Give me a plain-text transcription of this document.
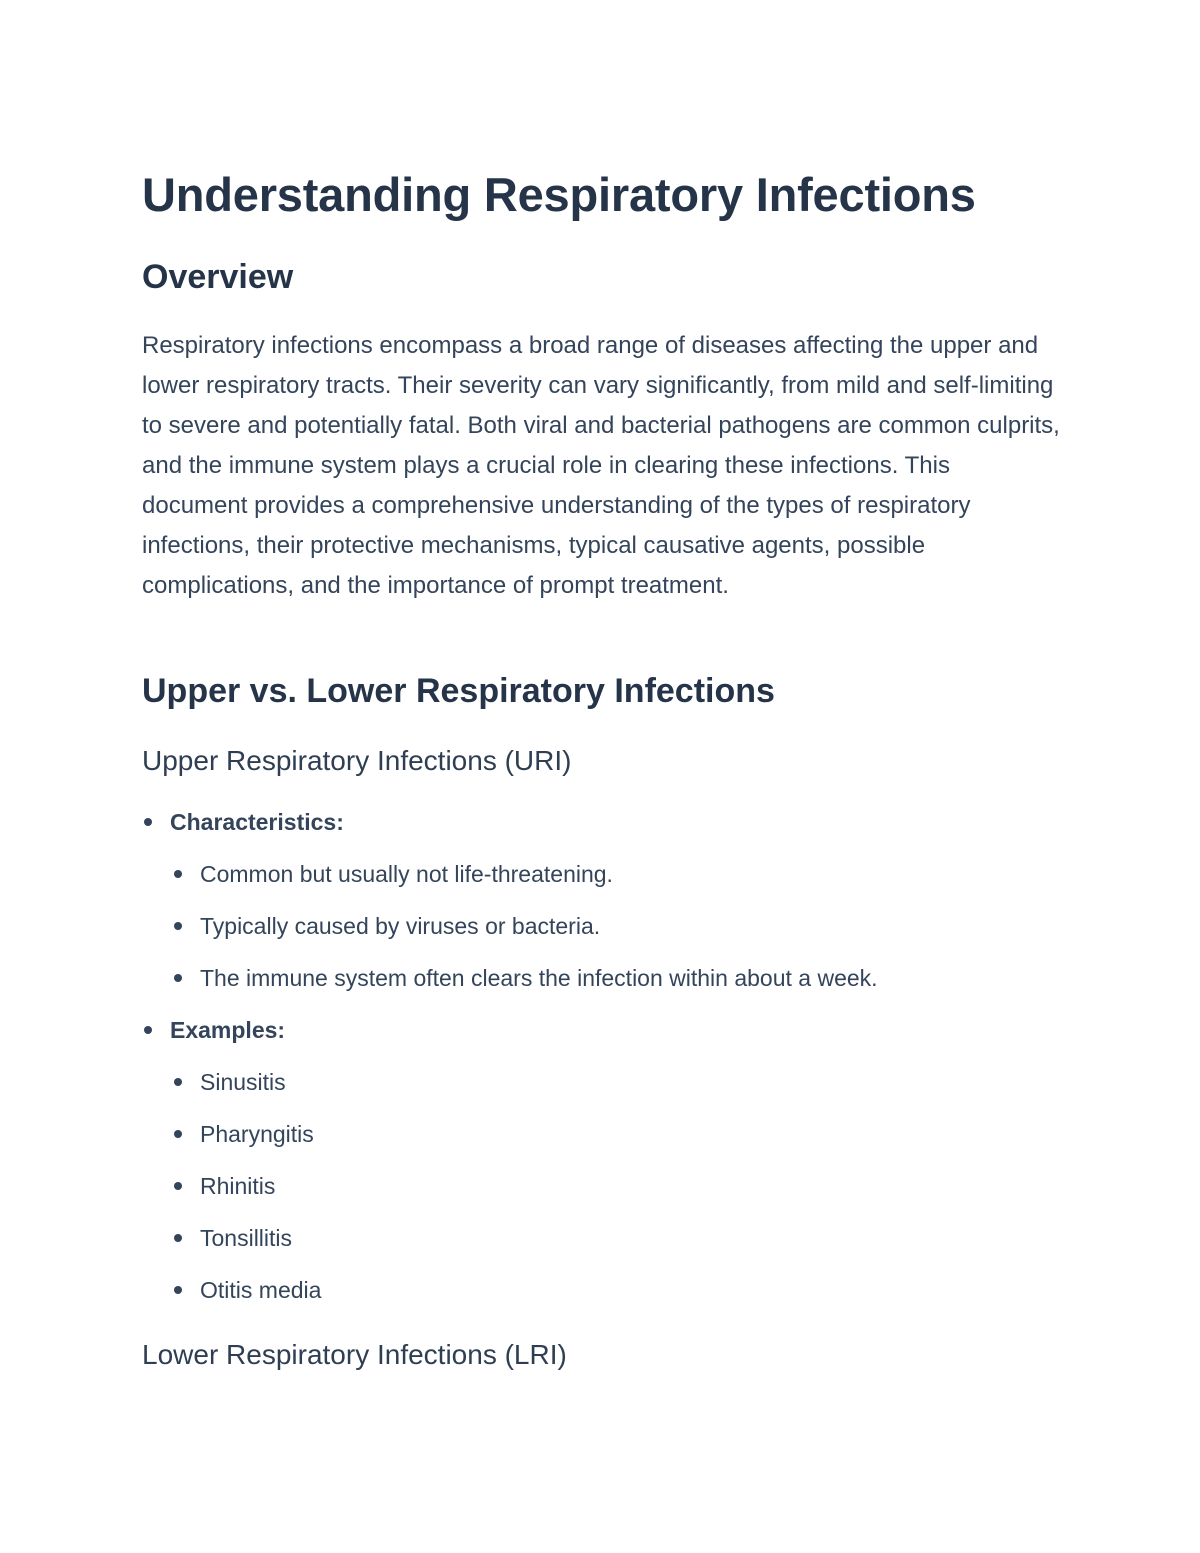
Understanding Respiratory Infections
Overview

Respiratory infections encompass a broad range of diseases affecting the upper and lower respiratory tracts. Their severity can vary significantly, from mild and self-limiting to severe and potentially fatal. Both viral and bacterial pathogens are common culprits, and the immune system plays a crucial role in clearing these infections. This document provides a comprehensive understanding of the types of respiratory infections, their protective mechanisms, typical causative agents, possible complications, and the importance of prompt treatment.

Upper vs. Lower Respiratory Infections
Upper Respiratory Infections (URI)
Characteristics:
Common but usually not life-threatening.
Typically caused by viruses or bacteria.
The immune system often clears the infection within about a week.
Examples:
Sinusitis
Pharyngitis
Rhinitis
Tonsillitis
Otitis media
Lower Respiratory Infections (LRI)
